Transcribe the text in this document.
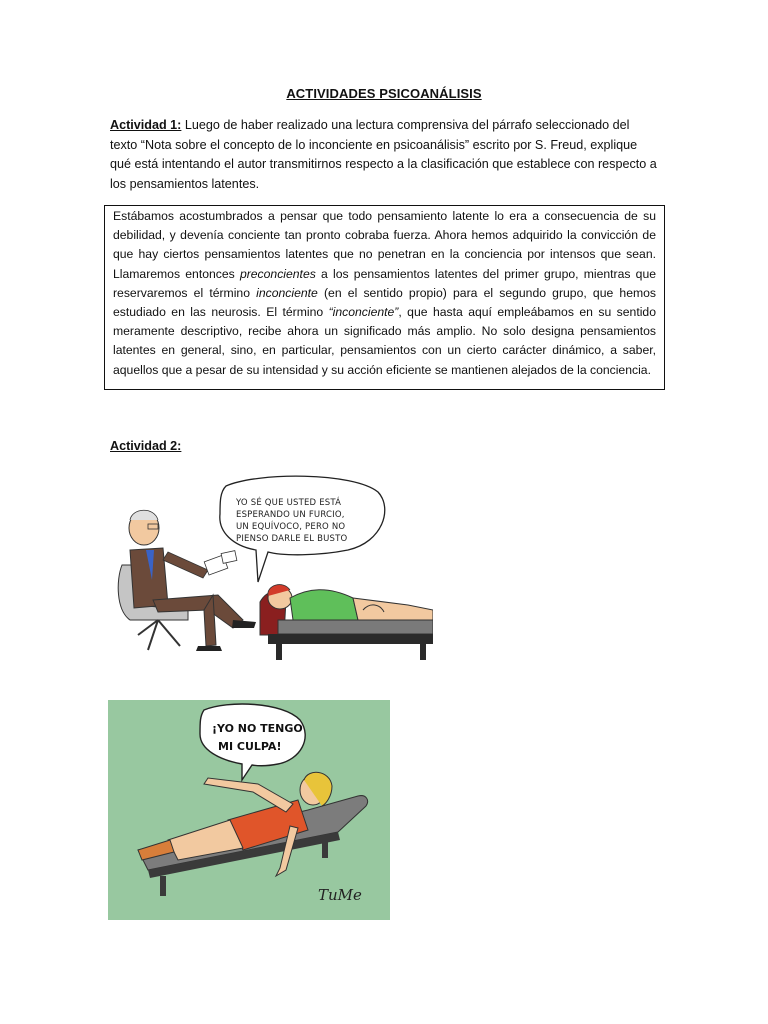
ACTIVIDADES PSICOANÁLISIS
Actividad 1: Luego de haber realizado una lectura comprensiva del párrafo seleccionado del texto “Nota sobre el concepto de lo inconciente en psicoanálisis” escrito por S. Freud, explique qué está intentando el autor transmitirnos respecto a la clasificación que establece con respecto a los pensamientos latentes.
Estábamos acostumbrados a pensar que todo pensamiento latente lo era a consecuencia de su debilidad, y devenía conciente tan pronto cobraba fuerza. Ahora hemos adquirido la convicción de que hay ciertos pensamientos latentes que no penetran en la conciencia por intensos que sean. Llamaremos entonces preconcientes a los pensamientos latentes del primer grupo, mientras que reservaremos el término inconciente (en el sentido propio) para el segundo grupo, que hemos estudiado en las neurosis. El término “inconciente”, que hasta aquí empleábamos en su sentido meramente descriptivo, recibe ahora un significado más amplio. No solo designa pensamientos latentes en general, sino, en particular, pensamientos con un cierto carácter dinámico, a saber, aquellos que a pesar de su intensidad y su acción eficiente se mantienen alejados de la conciencia.
Actividad 2:
YO SÉ QUE USTED ESTÁ
ESPERANDO UN FURCIO,
UN EQUÍVOCO, PERO NO
PIENSO DARLE EL BUSTO
¡YO NO TENGO
MI CULPA!
TuMe
